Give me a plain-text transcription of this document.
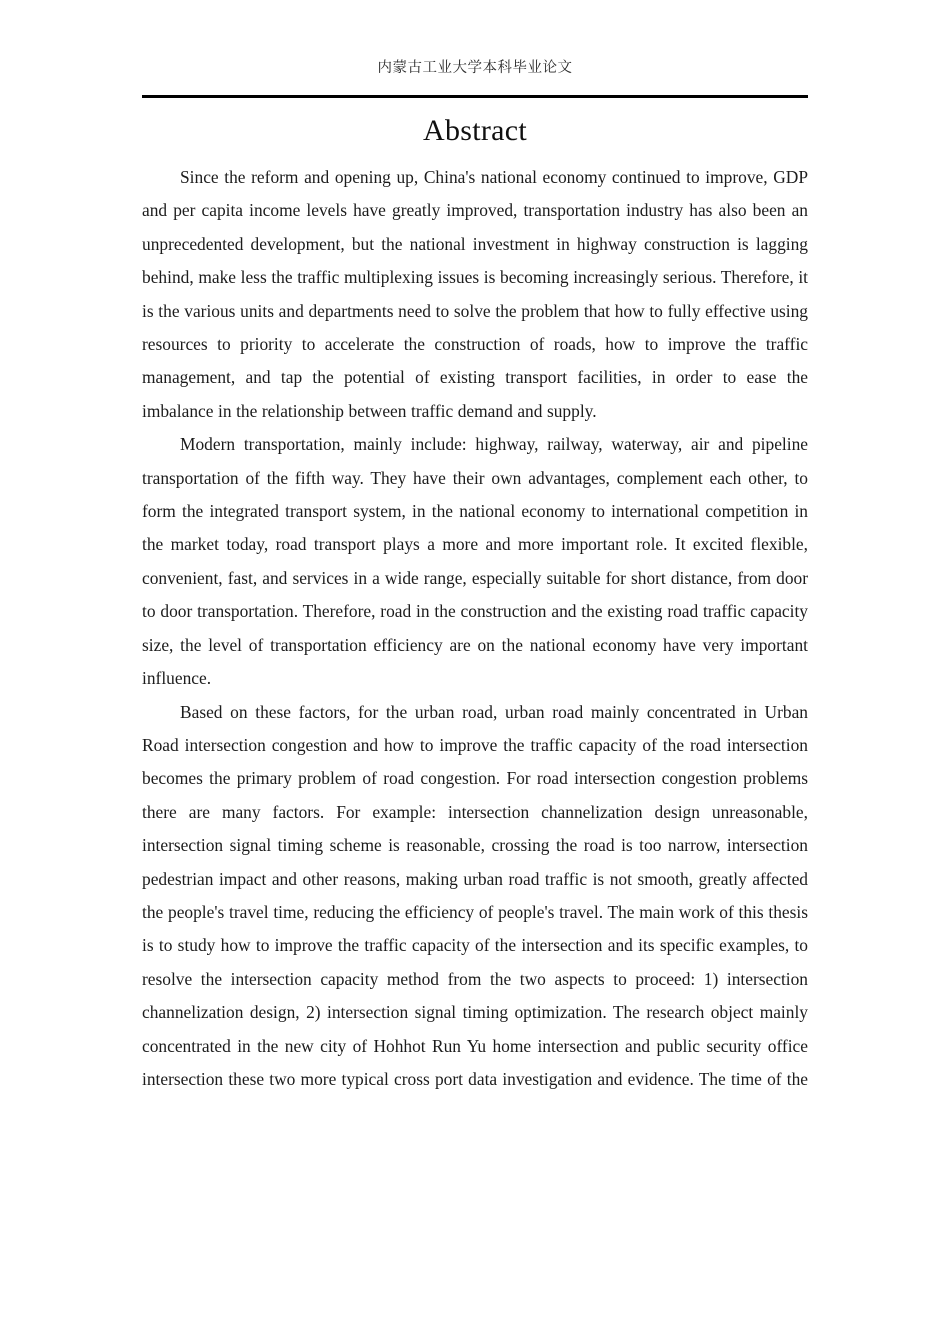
内蒙古工业大学本科毕业论文
Abstract

Since the reform and opening up, China's national economy continued to improve, GDP and per capita income levels have greatly improved, transportation industry has also been an unprecedented development, but the national investment in highway construction is lagging behind, make less the traffic multiplexing issues is becoming increasingly serious. Therefore, it is the various units and departments need to solve the problem that how to fully effective using resources to priority to accelerate the construction of roads, how to improve the traffic management, and tap the potential of existing transport facilities, in order to ease the imbalance in the relationship between traffic demand and supply.

Modern transportation, mainly include: highway, railway, waterway, air and pipeline transportation of the fifth way. They have their own advantages, complement each other, to form the integrated transport system, in the national economy to international competition in the market today, road transport plays a more and more important role. It excited flexible, convenient, fast, and services in a wide range, especially suitable for short distance, from door to door transportation. Therefore, road in the construction and the existing road traffic capacity size, the level of transportation efficiency are on the national economy have very important influence.

Based on these factors, for the urban road, urban road mainly concentrated in Urban Road intersection congestion and how to improve the traffic capacity of the road intersection becomes the primary problem of road congestion. For road intersection congestion problems there are many factors. For example: intersection channelization design unreasonable, intersection signal timing scheme is reasonable, crossing the road is too narrow, intersection pedestrian impact and other reasons, making urban road traffic is not smooth, greatly affected the people's travel time, reducing the efficiency of people's travel. The main work of this thesis is to study how to improve the traffic capacity of the intersection and its specific examples, to resolve the intersection capacity method from the two aspects to proceed: 1) intersection channelization design, 2) intersection signal timing optimization. The research object mainly concentrated in the new city of Hohhot Run Yu home intersection and public security office intersection these two more typical cross port data investigation and evidence. The time of the
